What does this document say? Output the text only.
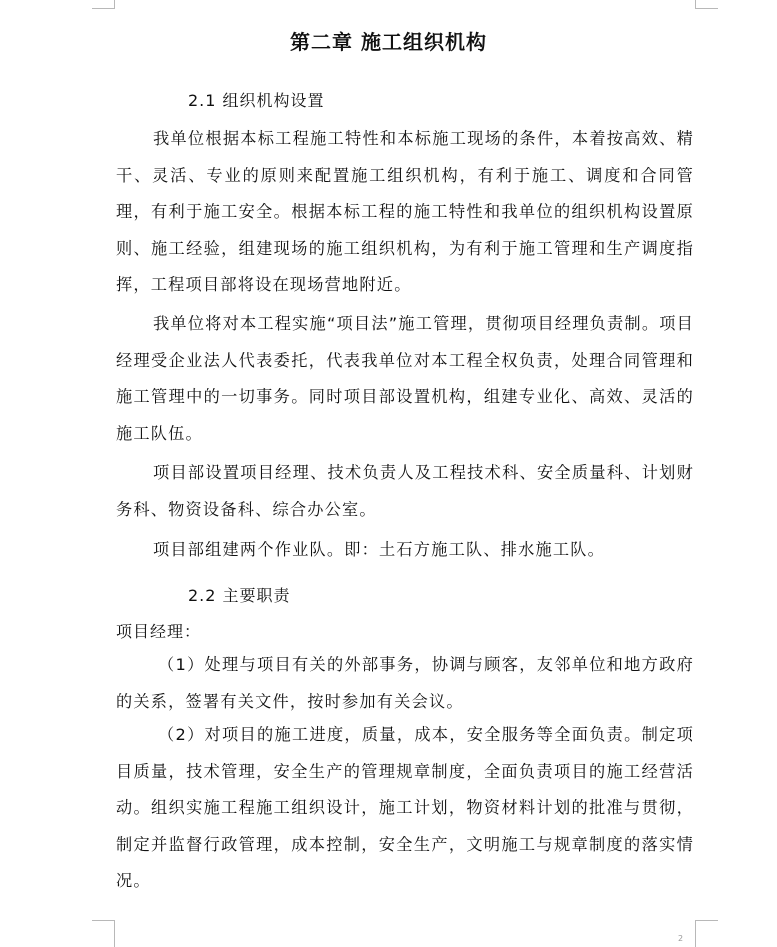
第二章 施工组织机构
2.1 组织机构设置

我单位根据本标工程施工特性和本标施工现场的条件，本着按高效、精干、灵活、专业的原则来配置施工组织机构，有利于施工、调度和合同管理，有利于施工安全。根据本标工程的施工特性和我单位的组织机构设置原则、施工经验，组建现场的施工组织机构，为有利于施工管理和生产调度指挥，工程项目部将设在现场营地附近。

我单位将对本工程实施“项目法”施工管理，贯彻项目经理负责制。项目经理受企业法人代表委托，代表我单位对本工程全权负责，处理合同管理和施工管理中的一切事务。同时项目部设置机构，组建专业化、高效、灵活的施工队伍。

项目部设置项目经理、技术负责人及工程技术科、安全质量科、计划财务科、物资设备科、综合办公室。

项目部组建两个作业队。即：土石方施工队、排水施工队。

2.2 主要职责
项目经理：

（1）处理与项目有关的外部事务，协调与顾客，友邻单位和地方政府的关系，签署有关文件，按时参加有关会议。

（2）对项目的施工进度，质量，成本，安全服务等全面负责。制定项目质量，技术管理，安全生产的管理规章制度，全面负责项目的施工经营活动。组织实施工程施工组织设计，施工计划，物资材料计划的批准与贯彻，制定并监督行政管理，成本控制，安全生产，文明施工与规章制度的落实情况。

2
